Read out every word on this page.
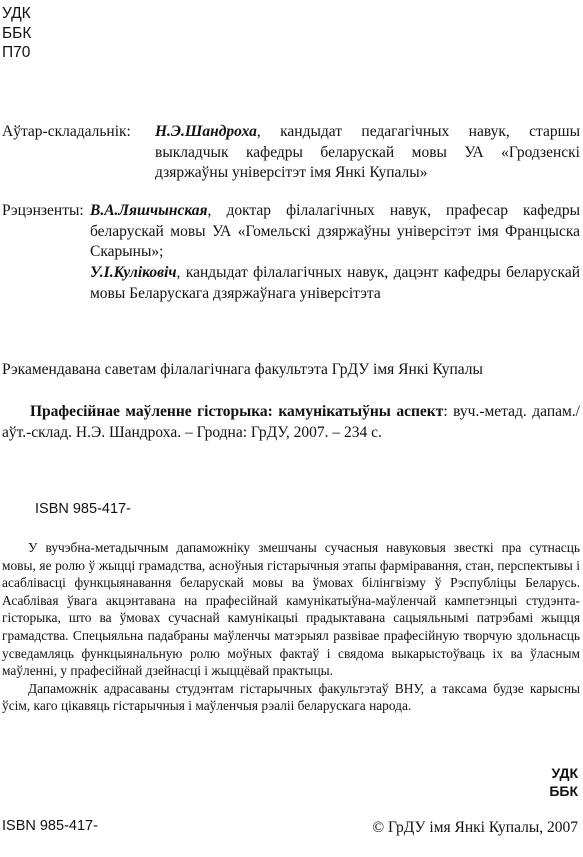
УДК
ББК
П70
Аўтар-складальнік: Н.Э.Шандроха, кандыдат педагагічных навук, старшы выкладчык кафедры беларускай мовы УА «Гродзенскі дзяржаўны універсітэт імя Янкі Купалы»
Рэцэнзенты: В.А.Ляшчынская, доктар філалагічных навук, прафесар кафедры беларускай мовы УА «Гомельскі дзяржаўны універсітэт імя Францыска Скарыны»;
У.І.Куліковіч, кандыдат філалагічных навук, дацэнт кафедры беларускай мовы Беларускага дзяржаўнага універсітэта
Рэкамендавана саветам філалагічнага факультэта ГрДУ імя Янкі Купалы
Прафесійнае маўленне гісторыка: камунікатыўны аспект: вуч.-метад. дапам./аўт.-склад. Н.Э. Шандроха. – Гродна: ГрДУ, 2007. – 234 с.
ISBN 985-417-

У вучэбна-метадычным дапаможніку змешчаны сучасныя навуковыя звесткі пра сутнасць мовы, яе ролю ў жыцці грамадства, асноўныя гістарычныя этапы фарміравання, стан, перспектывы і асаблівасці функцыянавання беларускай мовы ва ўмовах білінгвізму ў Рэспубліцы Беларусь. Асаблівая ўвага акцэнтавана на прафесійнай камунікатыўна-маўленчай кампетэнцыі студэнта-гісторыка, што ва ўмовах сучаснай камунікацыі прадыктавана сацыяльнымі патрэбамі жыцця грамадства. Спецыяльна падабраны маўленчы матэрыял развівае прафесійную творчую здольнасць усведамляць функцыянальную ролю моўных фактаў і свядома выкарыстоўваць іх ва ўласным маўленні, у прафесійнай дзейнасці і жыццёвай практыцы.

Дапаможнік адрасаваны студэнтам гістарычных факультэтаў ВНУ, а таксама будзе карысны ўсім, каго цікавяць гістарычныя і маўленчыя рэаліі беларускага народа.

УДК
ББК
ISBN 985-417-	© ГрДУ імя Янкі Купалы, 2007
